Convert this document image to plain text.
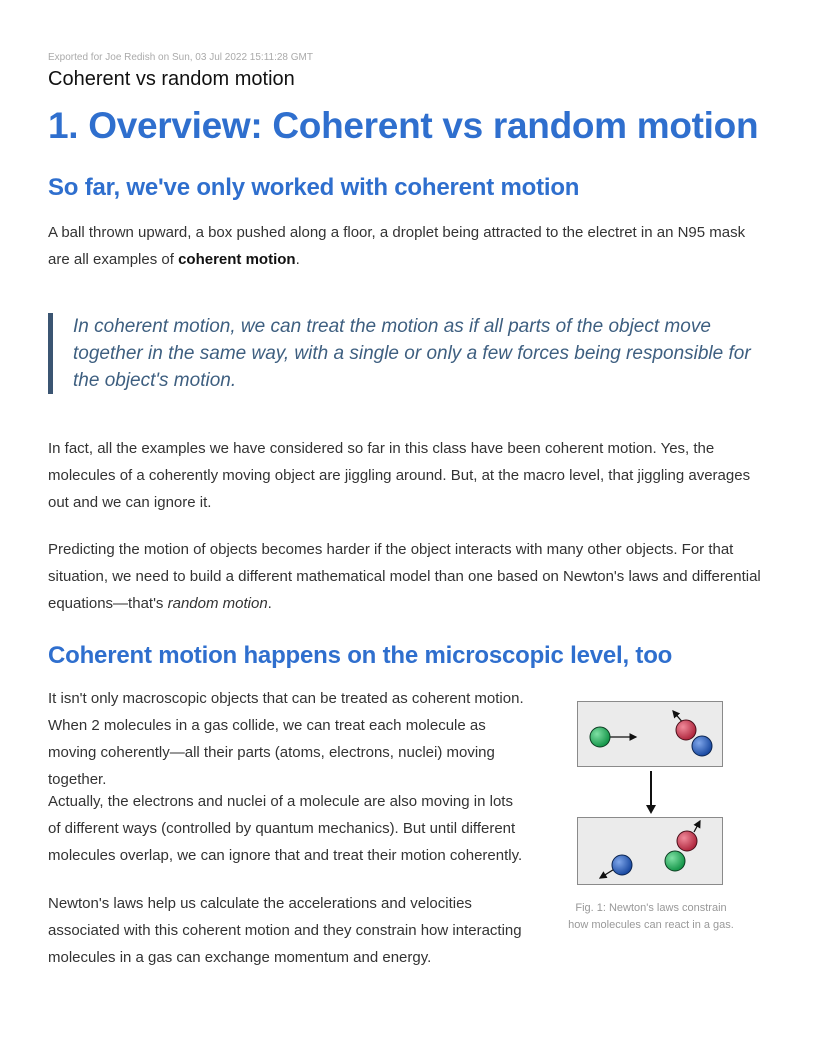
Exported for Joe Redish on Sun, 03 Jul 2022 15:11:28 GMT
Coherent vs random motion
1. Overview: Coherent vs random motion
So far, we've only worked with coherent motion
A ball thrown upward, a box pushed along a floor, a droplet being attracted to the electret in an N95 mask are all examples of coherent motion.
In coherent motion, we can treat the motion as if all parts of the object move together in the same way, with a single or only a few forces being responsible for the object's motion.
In fact, all the examples we have considered so far in this class have been coherent motion. Yes, the molecules of a coherently moving object are jiggling around. But, at the macro level, that jiggling averages out and we can ignore it.
Predicting the motion of objects becomes harder if the object interacts with many other objects. For that situation, we need to build a different mathematical model than one based on Newton's laws and differential equations—that's random motion.
Coherent motion happens on the microscopic level, too
It isn't only macroscopic objects that can be treated as coherent motion. When 2 molecules in a gas collide, we can treat each molecule as moving coherently—all their parts (atoms, electrons, nuclei) moving together.
Actually, the electrons and nuclei of a molecule are also moving in lots of different ways (controlled by quantum mechanics). But until different molecules overlap, we can ignore that and treat their motion coherently.
Newton's laws help us calculate the accelerations and velocities associated with this coherent motion and they constrain how interacting molecules in a gas can exchange momentum and energy.
Fig. 1: Newton's laws constrain how molecules can react in a gas.
